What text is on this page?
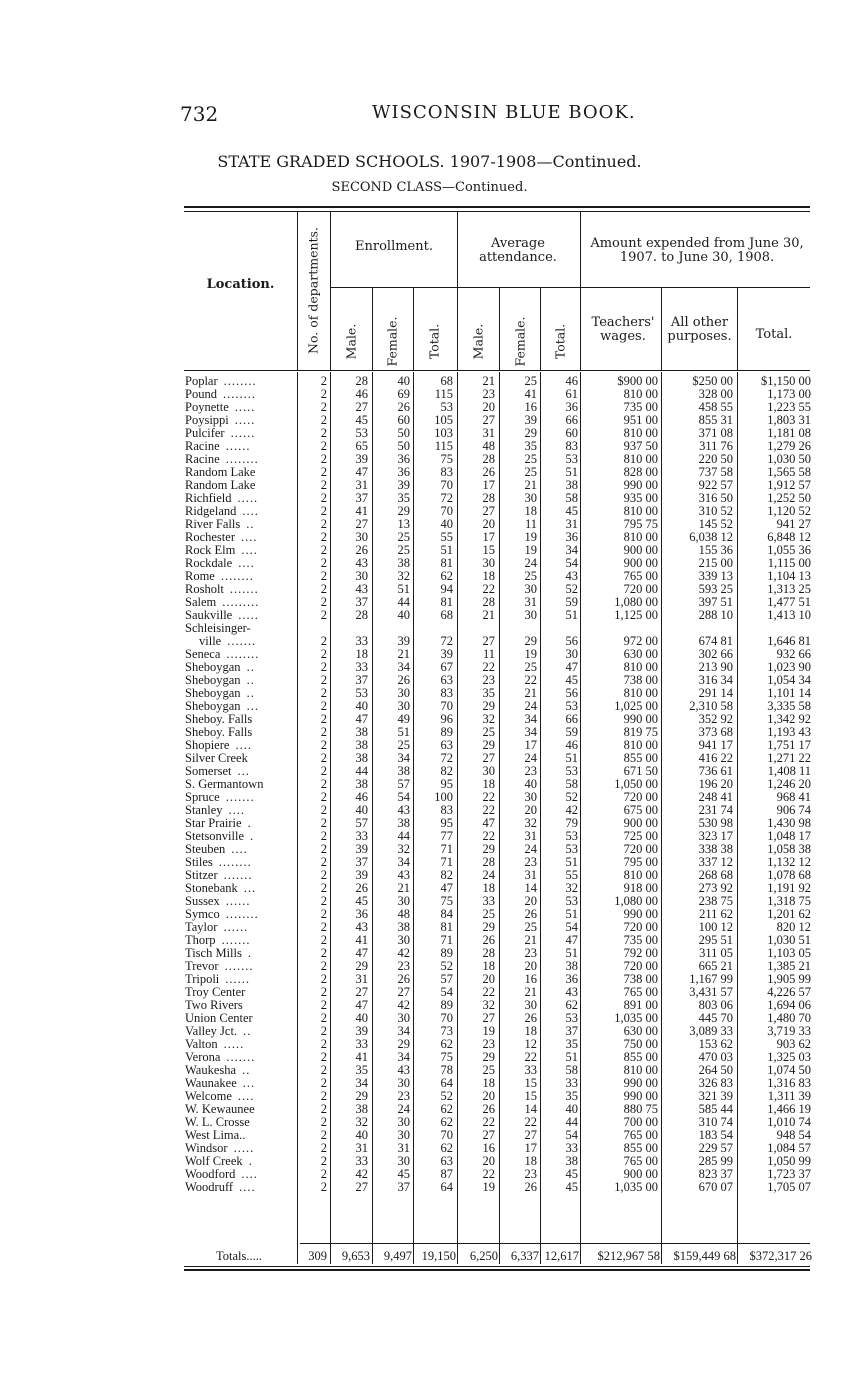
732	WISCONSIN BLUE BOOK.
STATE GRADED SCHOOLS. 1907-1908—Continued.
SECOND CLASS—Continued.
Location.	No. of departments.	Enrollment.	Average attendance.
Amount expended from June 30, 1907. to June 30, 1908.
Male. Female. Total. Male. Female. Total.
Teachers' wages.
All other purposes.	Total.
Poplar ........	2	28	40	68	21	25	46	$900 00	$250 00	$1,150 00
Pound ........	2	46	69	115	23	41	61	810 00	328 00	1,173 00
Poynette .....	2	27	26	53	20	16	36	735 00	458 55	1,223 55
Poysippi .....	2	45	60	105	27	39	66	951 00	855 31	1,803 31
Pulcifer ......	2	53	50	103	31	29	60	810 00	371 08	1,181 08
Racine ......	2	65	50	115	48	35	83	937 50	311 76	1,279 26
Racine ........	2	39	36	75	28	25	53	810 00	220 50	1,030 50
Random Lake	2	47	36	83	26	25	51	828 00	737 58	1,565 58
Random Lake	2	31	39	70	17	21	38	990 00	922 57	1,912 57
Richfield .....	2	37	35	72	28	30	58	935 00	316 50	1,252 50
Ridgeland ....	2	41	29	70	27	18	45	810 00	310 52	1,120 52
River Falls ..	2	27	13	40	20	11	31	795 75	145 52	941 27
Rochester ....	2	30	25	55	17	19	36	810 00	6,038 12	6,848 12
Rock Elm ....	2	26	25	51	15	19	34	900 00	155 36	1,055 36
Rockdale ....	2	43	38	81	30	24	54	900 00	215 00	1,115 00
Rome ........	2	30	32	62	18	25	43	765 00	339 13	1,104 13
Rosholt .......	2	43	51	94	22	30	52	720 00	593 25	1,313 25
Salem .........	2	37	44	81	28	31	59	1,080 00	397 51	1,477 51
Saukville .....	2	28	40	68	21	30	51	1,125 00	288 10	1,413 10
Schleisinger-
ville .......	2	33	39	72	27	29	56	972 00	674 81	1,646 81
Seneca ........	2	18	21	39	11	19	30	630 00	302 66	932 66
Sheboygan ..	2	33	34	67	22	25	47	810 00	213 90	1,023 90
Sheboygan ..	2	37	26	63	23	22	45	738 00	316 34	1,054 34
Sheboygan ..	2	53	30	83	35	21	56	810 00	291 14	1,101 14
Sheboygan ...	2	40	30	70	29	24	53	1,025 00	2,310 58	3,335 58
Sheboy. Falls	2	47	49	96	32	34	66	990 00	352 92	1,342 92
Sheboy. Falls	2	38	51	89	25	34	59	819 75	373 68	1,193 43
Shopiere ....	2	38	25	63	29	17	46	810 00	941 17	1,751 17
Silver Creek	2	38	34	72	27	24	51	855 00	416 22	1,271 22
Somerset ...	2	44	38	82	30	23	53	671 50	736 61	1,408 11
S. Germantown	2	38	57	95	18	40	58	1,050 00	196 20	1,246 20
Spruce .......	2	46	54	100	22	30	52	720 00	248 41	968 41
Stanley ....	2	40	43	83	22	20	42	675 00	231 74	906 74
Star Prairie .	2	57	38	95	47	32	79	900 00	530 98	1,430 98
Stetsonville .	2	33	44	77	22	31	53	725 00	323 17	1,048 17
Steuben ....	2	39	32	71	29	24	53	720 00	338 38	1,058 38
Stiles ........	2	37	34	71	28	23	51	795 00	337 12	1,132 12
Stitzer .......	2	39	43	82	24	31	55	810 00	268 68	1,078 68
Stonebank ...	2	26	21	47	18	14	32	918 00	273 92	1,191 92
Sussex ......	2	45	30	75	33	20	53	1,080 00	238 75	1,318 75
Symco ........	2	36	48	84	25	26	51	990 00	211 62	1,201 62
Taylor ......	2	43	38	81	29	25	54	720 00	100 12	820 12
Thorp .......	2	41	30	71	26	21	47	735 00	295 51	1,030 51
Tisch Mills .	2	47	42	89	28	23	51	792 00	311 05	1,103 05
Trevor .......	2	29	23	52	18	20	38	720 00	665 21	1,385 21
Tripoli ......	2	31	26	57	20	16	36	738 00	1,167 99	1,905 99
Troy Center	2	27	27	54	22	21	43	765 00	3,431 57	4,226 57
Two Rivers	2	47	42	89	32	30	62	891 00	803 06	1,694 06
Union Center	2	40	30	70	27	26	53	1,035 00	445 70	1,480 70
Valley Jct. ..	2	39	34	73	19	18	37	630 00	3,089 33	3,719 33
Valton .....	2	33	29	62	23	12	35	750 00	153 62	903 62
Verona .......	2	41	34	75	29	22	51	855 00	470 03	1,325 03
Waukesha ..	2	35	43	78	25	33	58	810 00	264 50	1,074 50
Waunakee ...	2	34	30	64	18	15	33	990 00	326 83	1,316 83
Welcome ....	2	29	23	52	20	15	35	990 00	321 39	1,311 39
W. Kewaunee	2	38	24	62	26	14	40	880 75	585 44	1,466 19
W. L. Crosse	2	32	30	62	22	22	44	700 00	310 74	1,010 74
West Lima..	2	40	30	70	27	27	54	765 00	183 54	948 54
Windsor .....	2	31	31	62	16	17	33	855 00	229 57	1,084 57
Wolf Creek .	2	33	30	63	20	18	38	765 00	285 99	1,050 99
Woodford ....	2	42	45	87	22	23	45	900 00	823 37	1,723 37
Woodruff ....	2	27	37	64	19	26	45	1,035 00	670 07	1,705 07
Totals.....	309	9,653	9,497 19,150	6,250	6,337 12,617	$212,967 58	$159,449 68	$372,317 26
